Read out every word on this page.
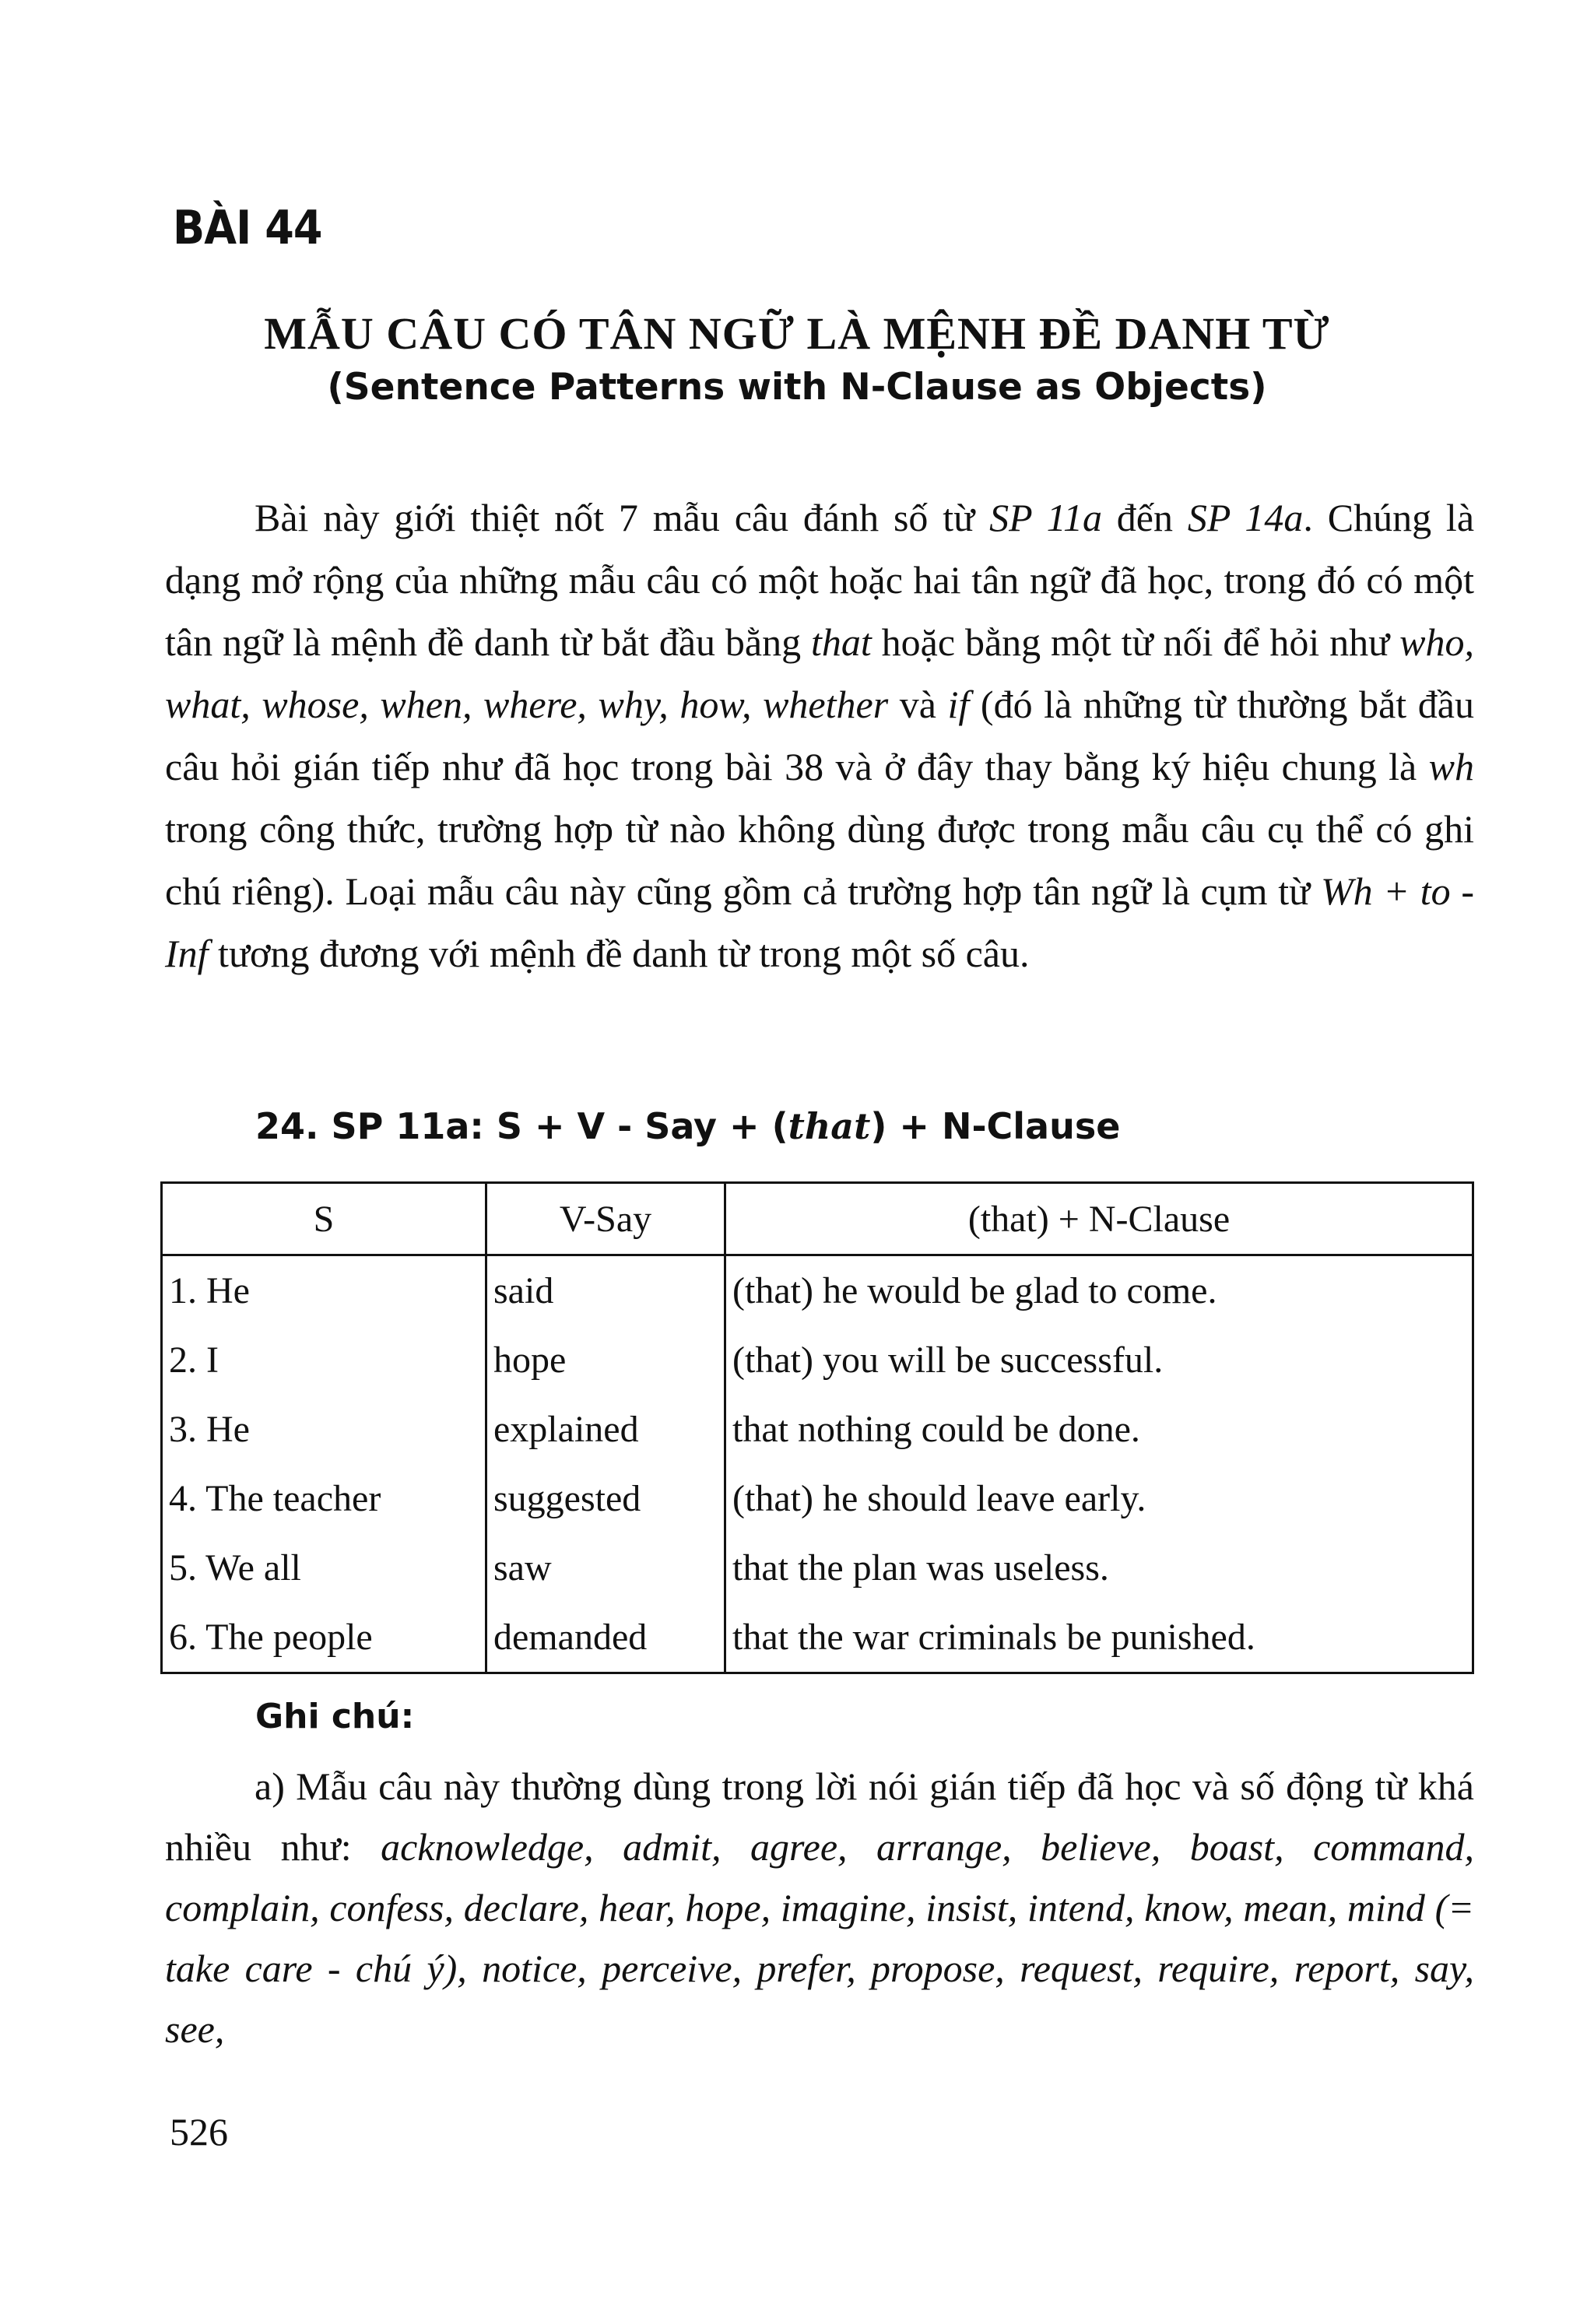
BÀI 44
MẪU CÂU CÓ TÂN NGỮ LÀ MỆNH ĐỀ DANH TỪ
(Sentence Patterns with N-Clause as Objects)

Bài này giới thiệt nốt 7 mẫu câu đánh số từ SP 11a đến SP 14a. Chúng là dạng mở rộng của những mẫu câu có một hoặc hai tân ngữ đã học, trong đó có một tân ngữ là mệnh đề danh từ bắt đầu bằng that hoặc bằng một từ nối để hỏi như who, what, whose, when, where, why, how, whether và if (đó là những từ thường bắt đầu câu hỏi gián tiếp như đã học trong bài 38 và ở đây thay bằng ký hiệu chung là wh trong công thức, trường hợp từ nào không dùng được trong mẫu câu cụ thể có ghi chú riêng). Loại mẫu câu này cũng gồm cả trường hợp tân ngữ là cụm từ Wh + to - Inf tương đương với mệnh đề danh từ trong một số câu.

24. SP 11a: S + V - Say + (that) + N-Clause
S	V-Say	(that) + N-Clause
1. He	said	(that) he would be glad to come.
2. I	hope	(that) you will be successful.
3. He	explained	that nothing could be done.
4. The teacher	suggested	(that) he should leave early.
5. We all	saw	that the plan was useless.
6. The people	demanded	that the war criminals be punished.
Ghi chú:

a) Mẫu câu này thường dùng trong lời nói gián tiếp đã học và số động từ khá nhiều như: acknowledge, admit, agree, arrange, believe, boast, command, complain, confess, declare, hear, hope, imagine, insist, intend, know, mean, mind (= take care - chú ý), notice, perceive, prefer, propose, request, require, report, say, see,

526
